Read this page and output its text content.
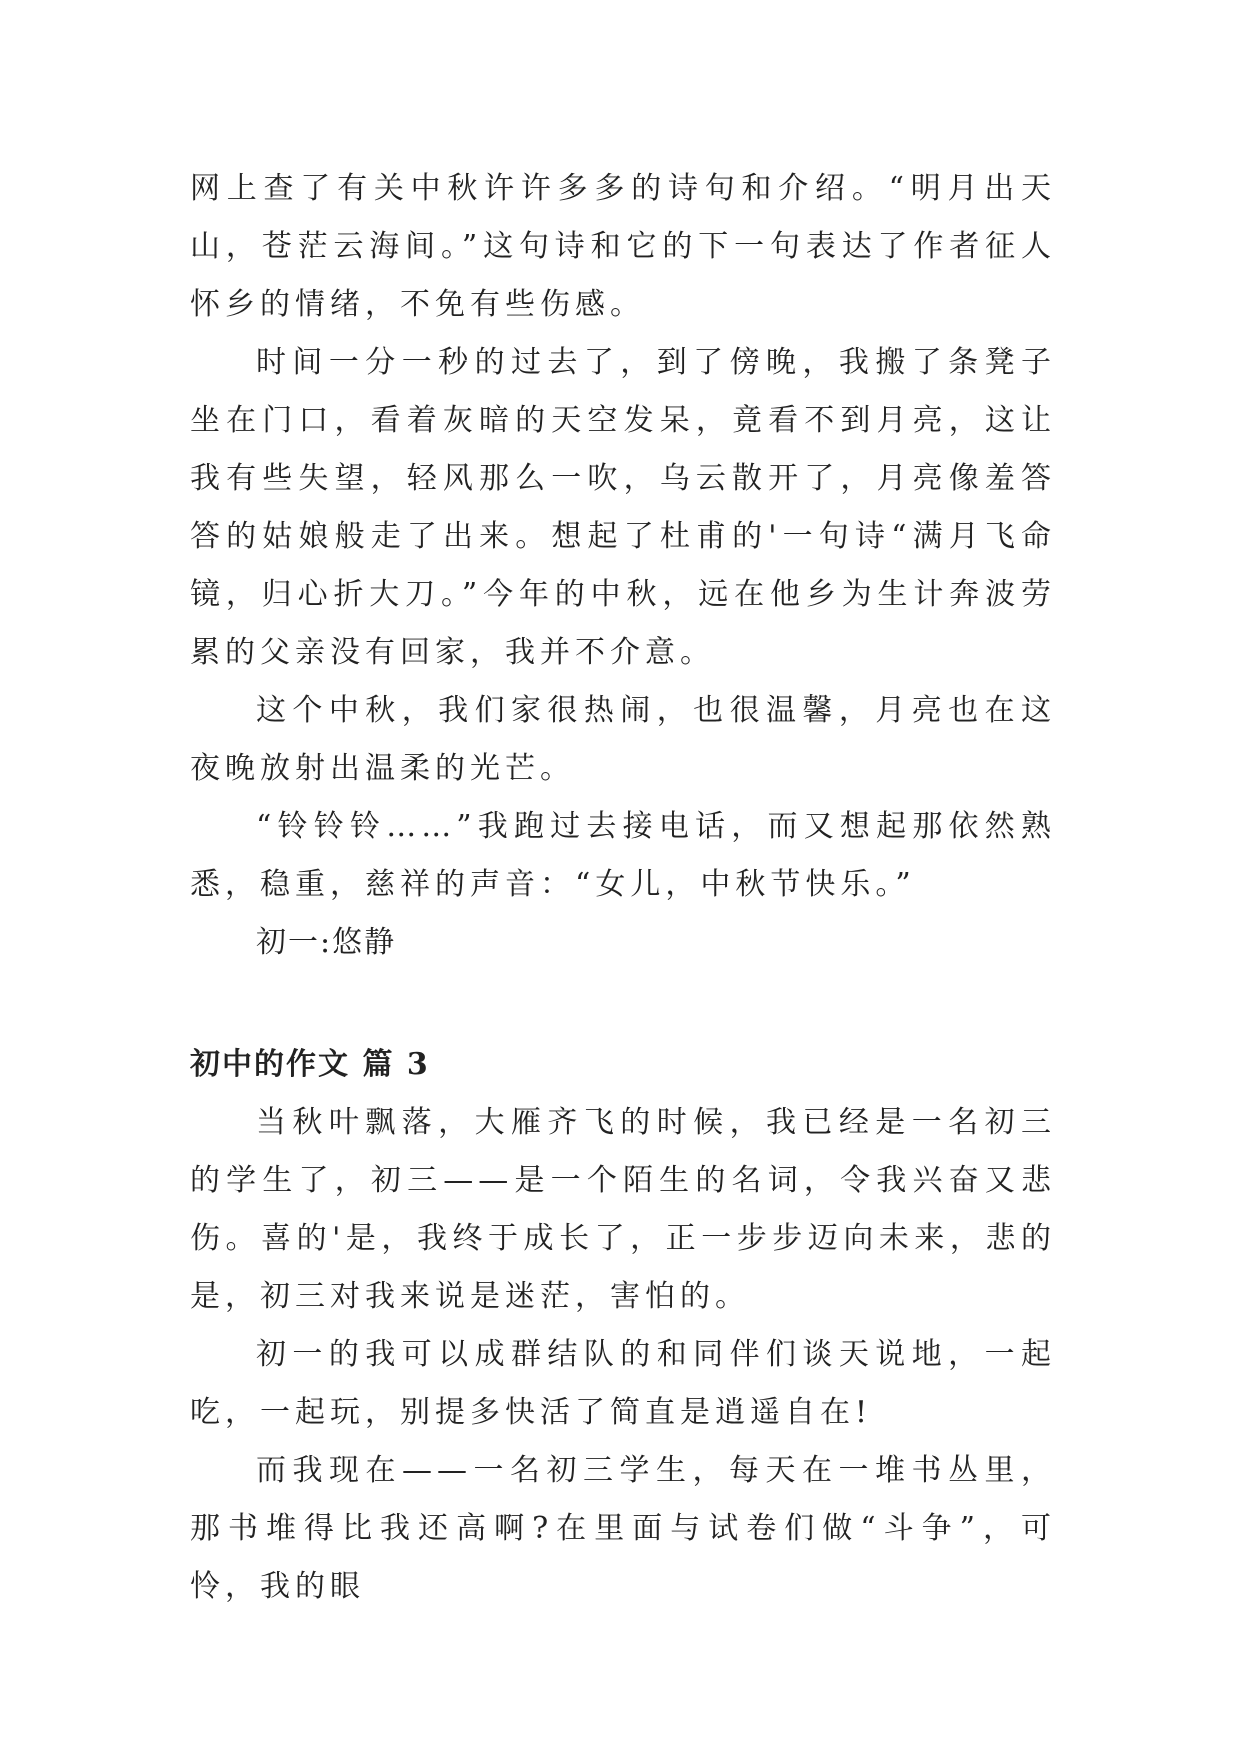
网上查了有关中秋许许多多的诗句和介绍。“明月出天山，苍茫云海间。”这句诗和它的下一句表达了作者征人怀乡的情绪，不免有些伤感。

时间一分一秒的过去了，到了傍晚，我搬了条凳子坐在门口，看着灰暗的天空发呆，竟看不到月亮，这让我有些失望，轻风那么一吹，乌云散开了，月亮像羞答答的姑娘般走了出来。想起了杜甫的'一句诗“满月飞命镜，归心折大刀。”今年的中秋，远在他乡为生计奔波劳累的父亲没有回家，我并不介意。

这个中秋，我们家很热闹，也很温馨，月亮也在这夜晚放射出温柔的光芒。

“铃铃铃……”我跑过去接电话，而又想起那依然熟悉，稳重，慈祥的声音：“女儿，中秋节快乐。”

初一:悠静

初中的作文 篇 3

当秋叶飘落，大雁齐飞的时候，我已经是一名初三的学生了，初三——是一个陌生的名词，令我兴奋又悲伤。喜的'是，我终于成长了，正一步步迈向未来，悲的是，初三对我来说是迷茫，害怕的。

初一的我可以成群结队的和同伴们谈天说地，一起吃，一起玩，别提多快活了简直是逍遥自在!

而我现在——一名初三学生，每天在一堆书丛里，那书堆得比我还高啊?在里面与试卷们做“斗争”，可怜，我的眼
